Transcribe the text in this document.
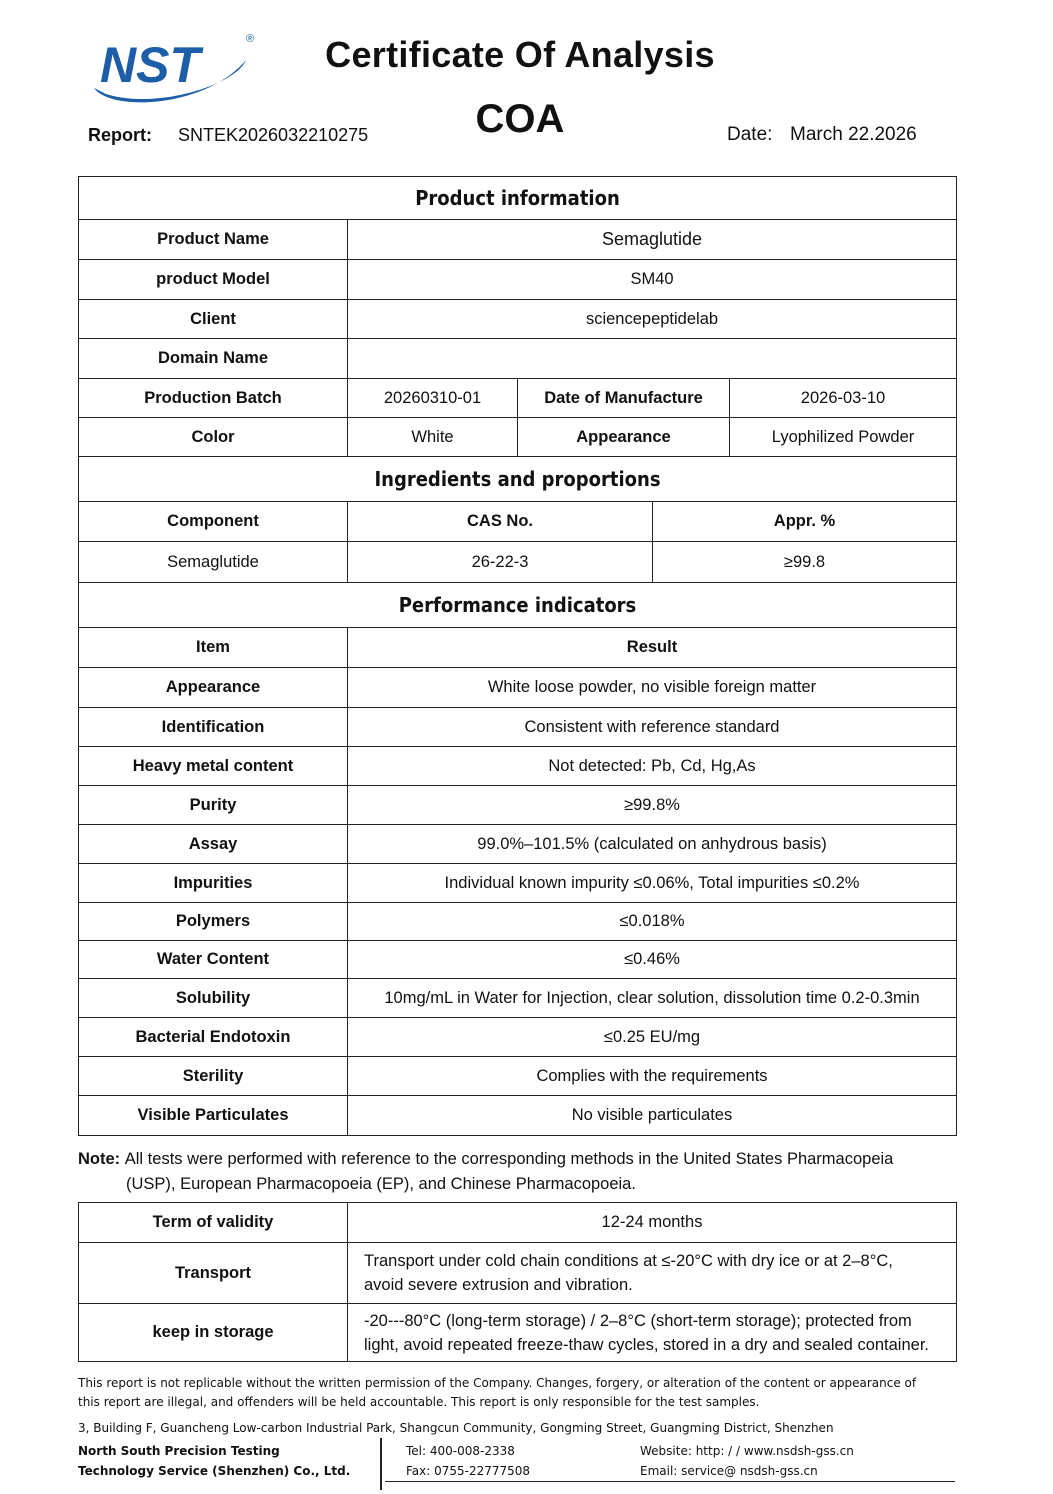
NST	®	Certificate Of Analysis
COA
Report: SNTEK2026032210275	Date: March 22.2026
Product information			
Product Name	Semaglutide		
product Model	SM40		
Client	sciencepeptidelab		
Domain Name			
Production Batch	20260310-01	Date of Manufacture	2026-03-10
Color	White	Appearance	Lyophilized Powder
Ingredients and proportions		
Component	CAS No.	Appr. %
Semaglutide	26-22-3	≥99.8
Performance indicators	
Item	Result
Appearance	White loose powder, no visible foreign matter
Identification	Consistent with reference standard
Heavy metal content	Not detected: Pb, Cd, Hg,As
Purity	≥99.8%
Assay	99.0%–101.5% (calculated on anhydrous basis)
Impurities	Individual known impurity ≤0.06%, Total impurities ≤0.2%
Polymers	≤0.018%
Water Content	≤0.46%
Solubility	10mg/mL in Water for Injection, clear solution, dissolution time 0.2-0.3min
Bacterial Endotoxin	≤0.25 EU/mg
Sterility	Complies with the requirements
Visible Particulates	No visible particulates
Note: All tests were performed with reference to the corresponding methods in the United States Pharmacopeia
(USP), European Pharmacopoeia (EP), and Chinese Pharmacopoeia.
Term of validity	12-24 months
Transport	Transport under cold chain conditions at ≤-20°C with dry ice or at 2–8°C,
avoid severe extrusion and vibration.

keep in storage	-20---80°C (long-term storage) / 2–8°C (short-term storage); protected from
light, avoid repeated freeze-thaw cycles, stored in a dry and sealed container.
This report is not replicable without the written permission of the Company. Changes, forgery, or alteration of the content or appearance of
this report are illegal, and offenders will be held accountable. This report is only responsible for the test samples.
3, Building F, Guancheng Low-carbon Industrial Park, Shangcun Community, Gongming Street, Guangming District, Shenzhen
North South Precision Testing
Technology Service (Shenzhen) Co., Ltd.
Tel: 400-008-2338
Fax: 0755-22777508
Website: http: / / www.nsdsh-gss.cn
Email: service@ nsdsh-gss.cn
